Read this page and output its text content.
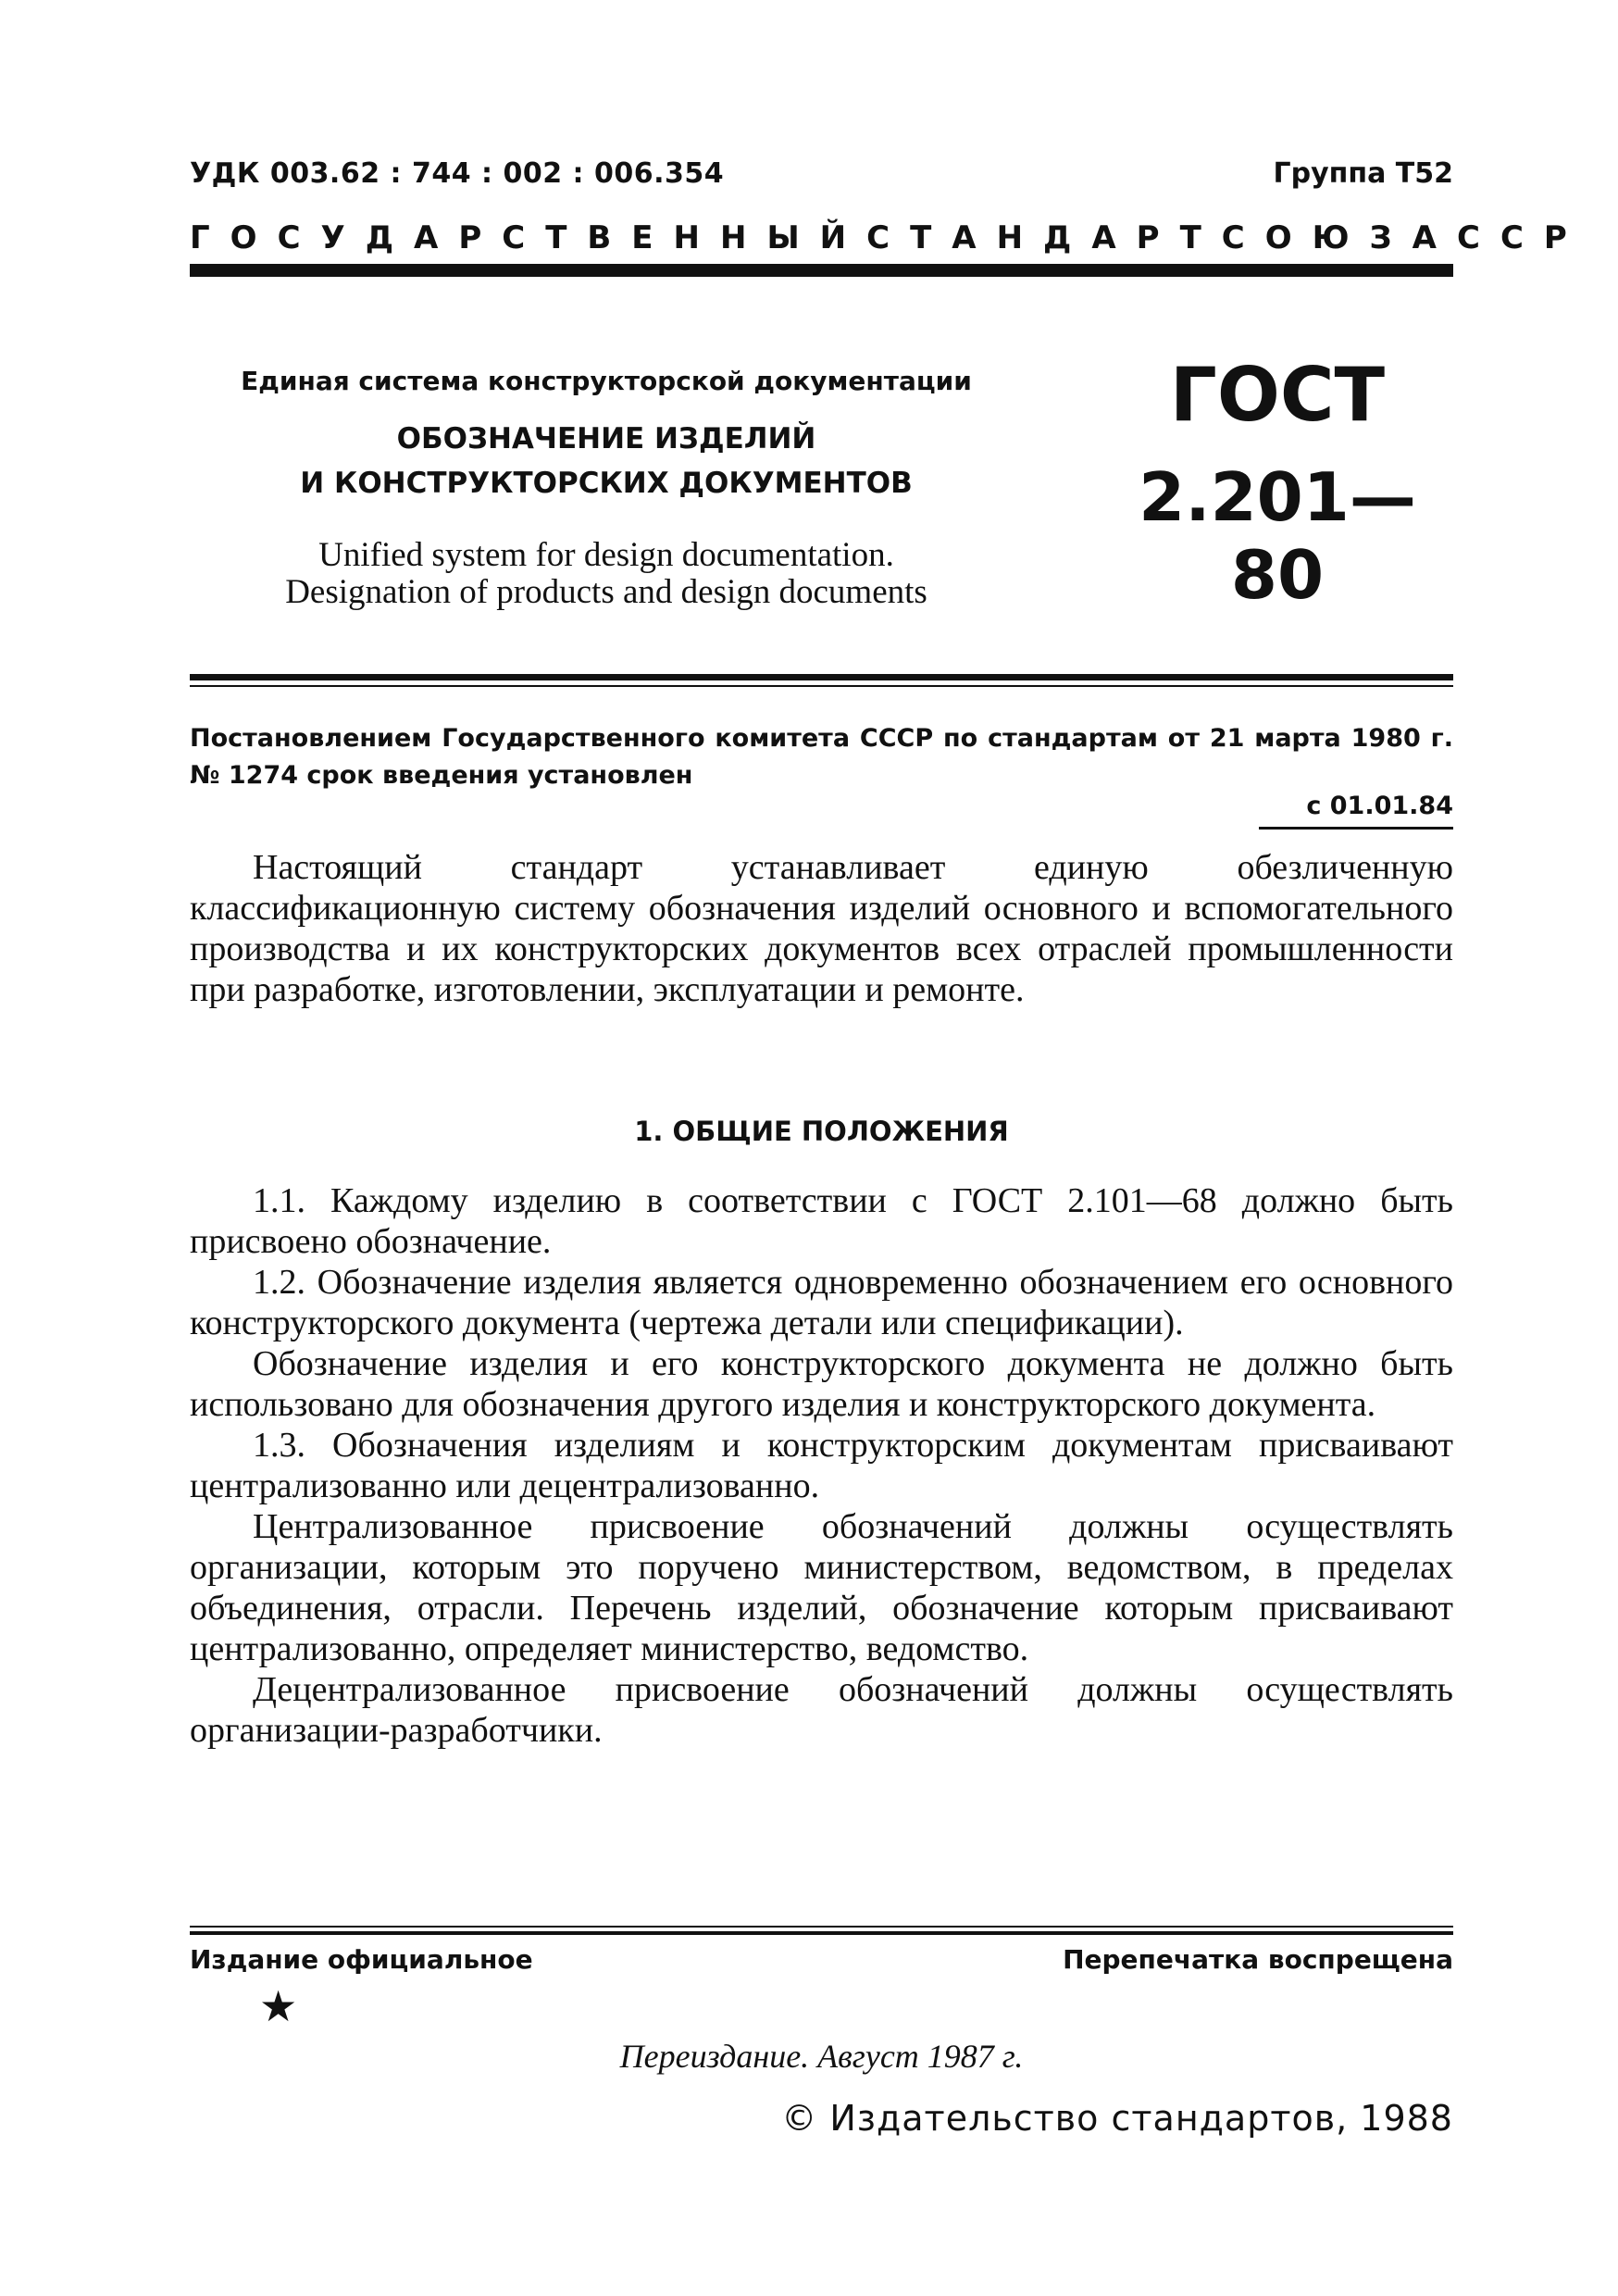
УДК 003.62 : 744 : 002 : 006.354	Группа Т52
ГОСУДАРСТВЕННЫЙ СТАНДАРТ СОЮЗА ССР
Единая система конструкторской документации
ОБОЗНАЧЕНИЕ ИЗДЕЛИЙ
И КОНСТРУКТОРСКИХ ДОКУМЕНТОВ
Unified system for design documentation.
Designation of products and design documents
ГОСТ
2.201—80
Постановлением Государственного комитета СССР по стандартам от 21 марта 1980 г. № 1274 срок введения установлен
с 01.01.84
Настоящий стандарт устанавливает единую обезличенную классификационную систему обозначения изделий основного и вспомогательного производства и их конструкторских документов всех отраслей промышленности при разработке, изготовлении, эксплуатации и ремонте.
1. ОБЩИЕ ПОЛОЖЕНИЯ

1.1. Каждому изделию в соответствии с ГОСТ 2.101—68 должно быть присвоено обозначение.

1.2. Обозначение изделия является одновременно обозначением его основного конструкторского документа (чертежа детали или спецификации).

Обозначение изделия и его конструкторского документа не должно быть использовано для обозначения другого изделия и конструкторского документа.

1.3. Обозначения изделиям и конструкторским документам присваивают централизованно или децентрализованно.

Централизованное присвоение обозначений должны осуществлять организации, которым это поручено министерством, ведомством, в пределах объединения, отрасли. Перечень изделий, обозначение которым присваивают централизованно, определяет министерство, ведомство.

Децентрализованное присвоение обозначений должны осуществлять организации-разработчики.

Издание официальное	Перепечатка воспрещена
★
Переиздание. Август 1987 г.
© Издательство стандартов, 1988
